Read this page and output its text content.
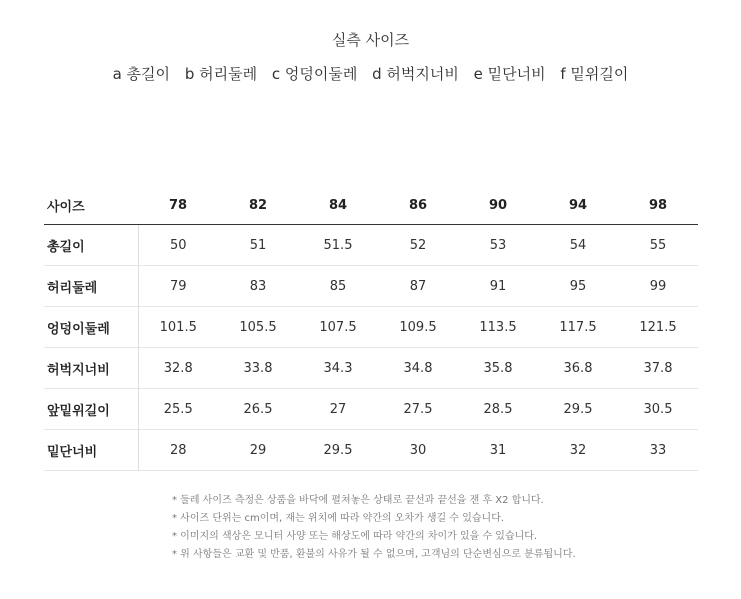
실측 사이즈
a 총길이 b 허리둘레 c 엉덩이둘레 d 허벅지너비 e 밑단너비 f 밑위길이
사이즈	78	82	84	86	90	94	98
총길이	50	51	51.5	52	53	54	55
허리둘레	79	83	85	87	91	95	99
엉덩이둘레	101.5	105.5	107.5	109.5	113.5	117.5	121.5
허벅지너비	32.8	33.8	34.3	34.8	35.8	36.8	37.8
앞밑위길이	25.5	26.5	27	27.5	28.5	29.5	30.5
밑단너비	28	29	29.5	30	31	32	33
* 둘레 사이즈 측정은 상품을 바닥에 펼쳐놓은 상태로 끝선과 끝선을 잰 후 X2 합니다.
* 사이즈 단위는 cm이며, 재는 위치에 따라 약간의 오차가 생길 수 있습니다.
* 이미지의 색상은 모니터 사양 또는 해상도에 따라 약간의 차이가 있을 수 있습니다.
* 위 사항들은 교환 및 반품, 환불의 사유가 될 수 없으며, 고객님의 단순변심으로 분류됩니다.
